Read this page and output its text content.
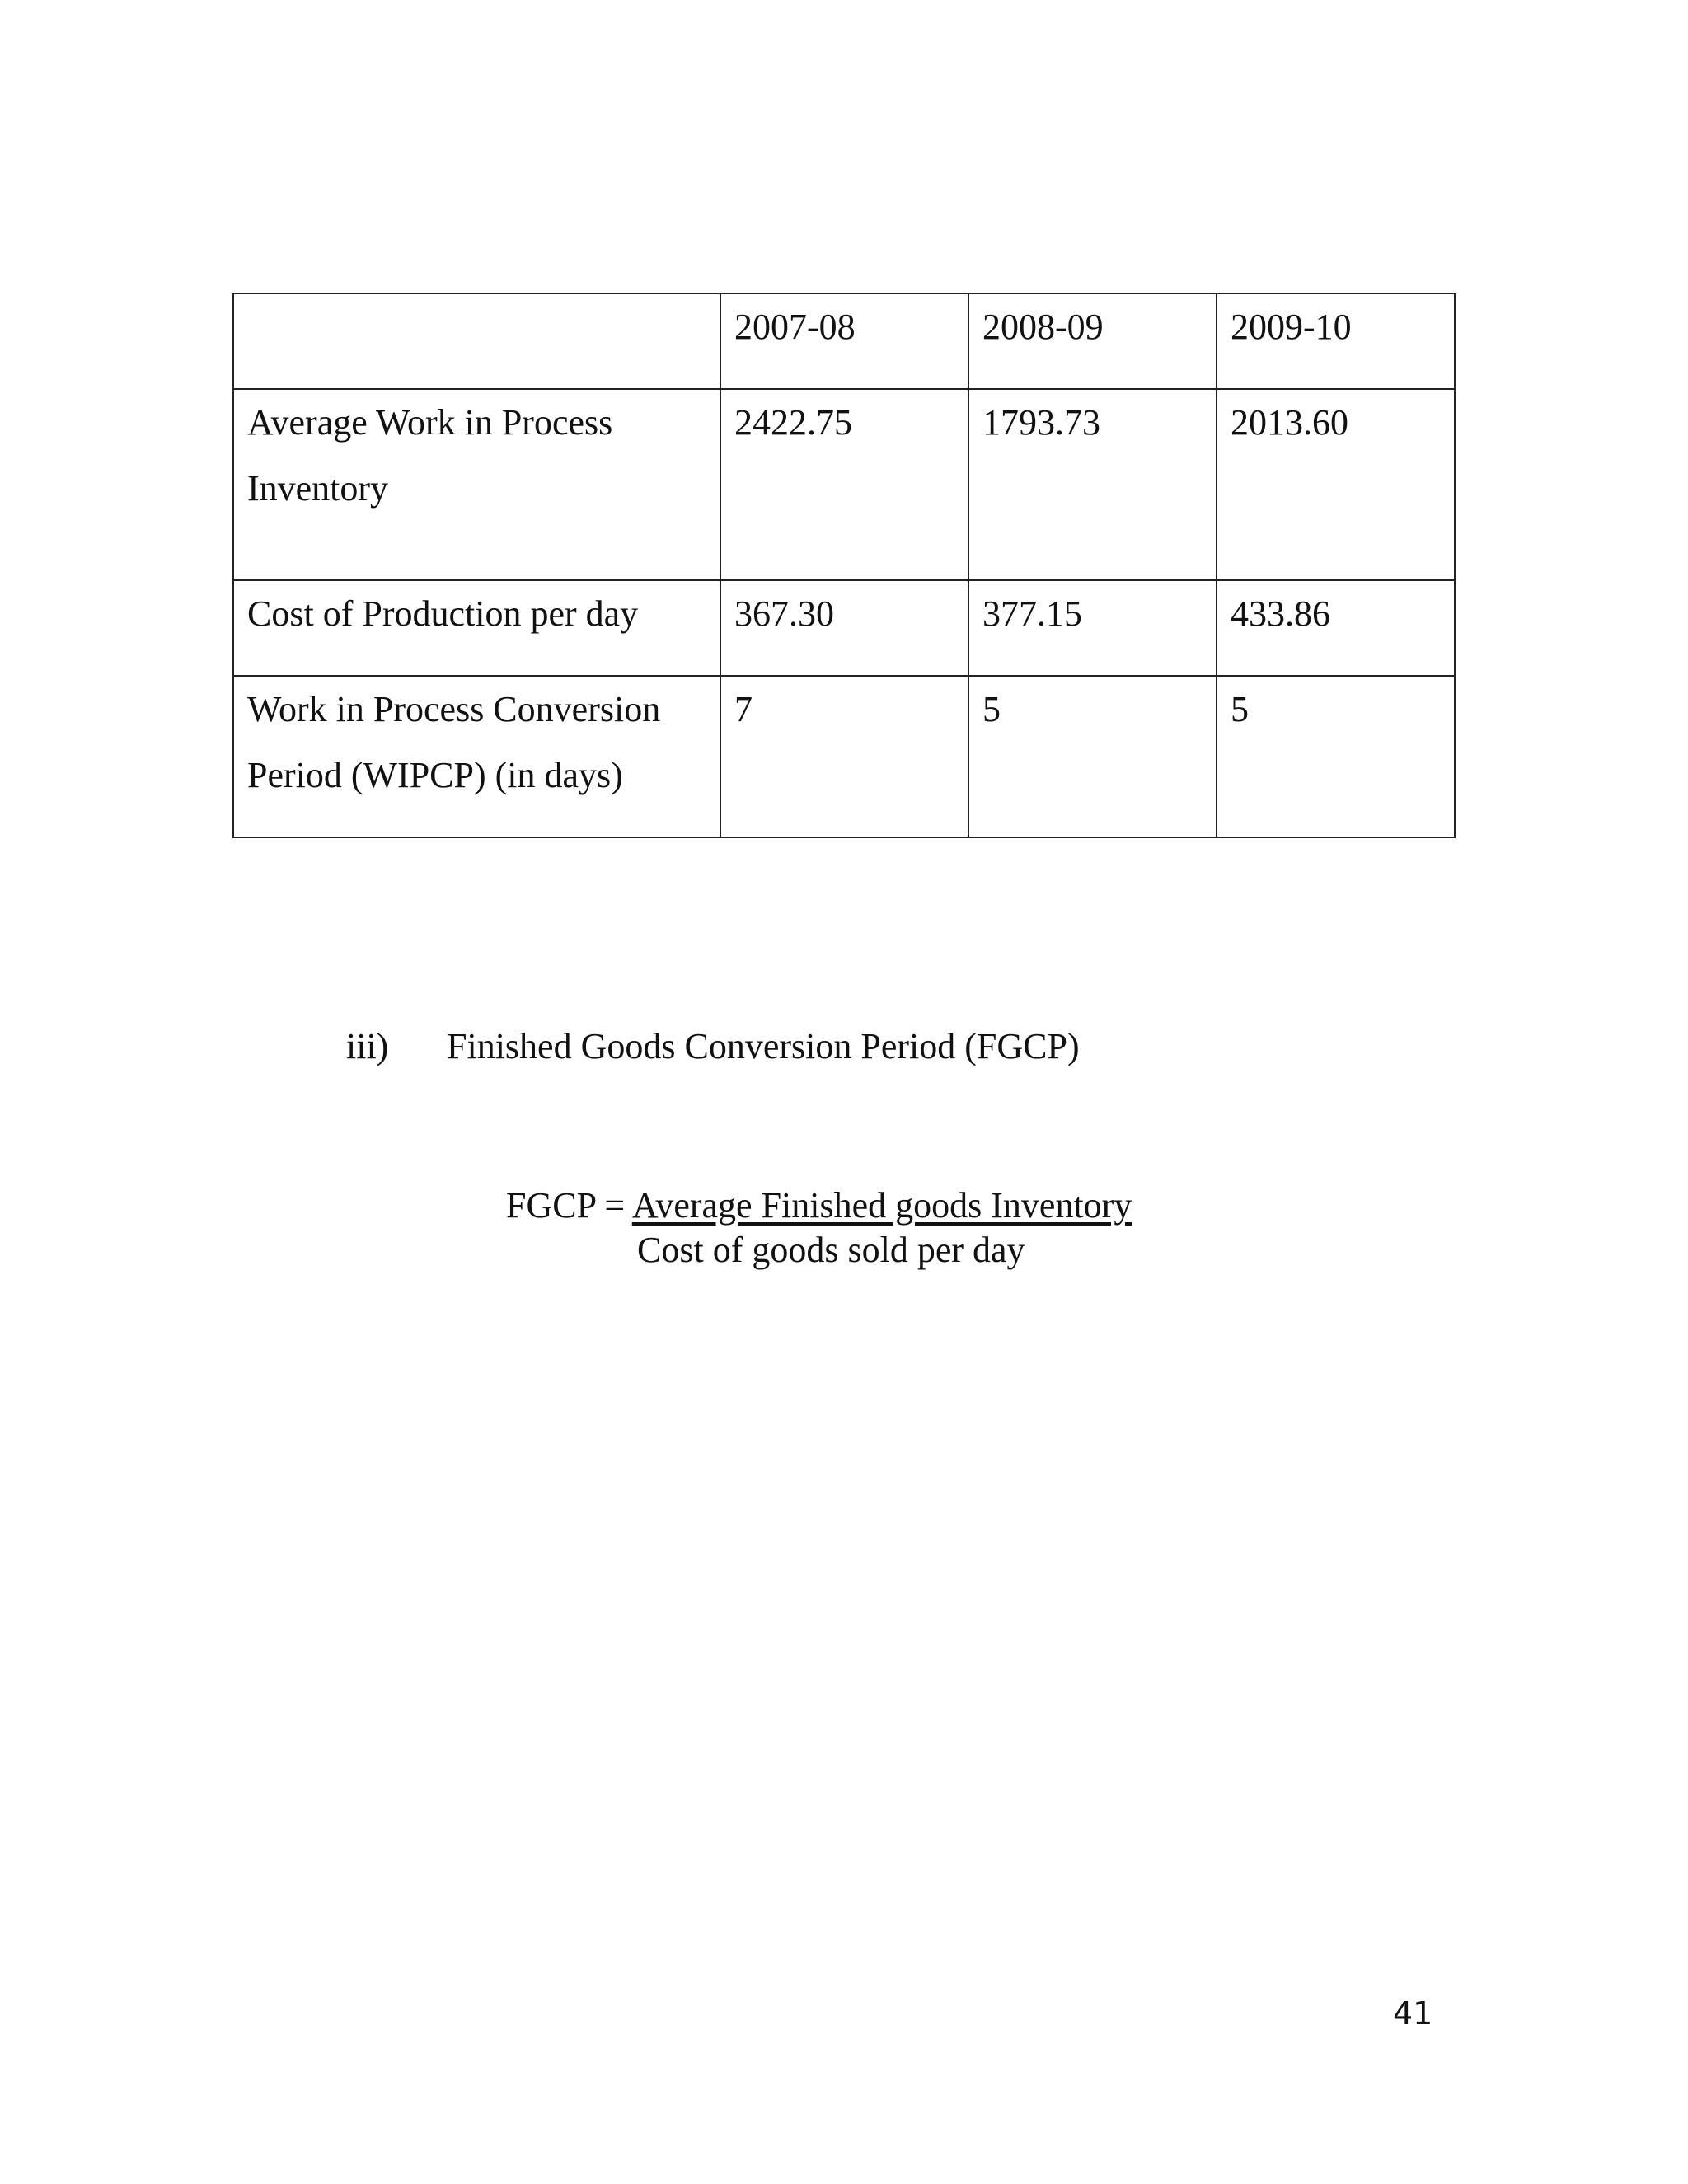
	2007-08	2008-09	2009-10
Average Work in Process
Inventory	2422.75	1793.73	2013.60
Cost of Production per day	367.30	377.15	433.86
Work in Process Conversion
Period (WIPCP) (in days)	7	5	5
iii) Finished Goods Conversion Period (FGCP)
FGCP = Average Finished goods Inventory
Cost of goods sold per day
41
